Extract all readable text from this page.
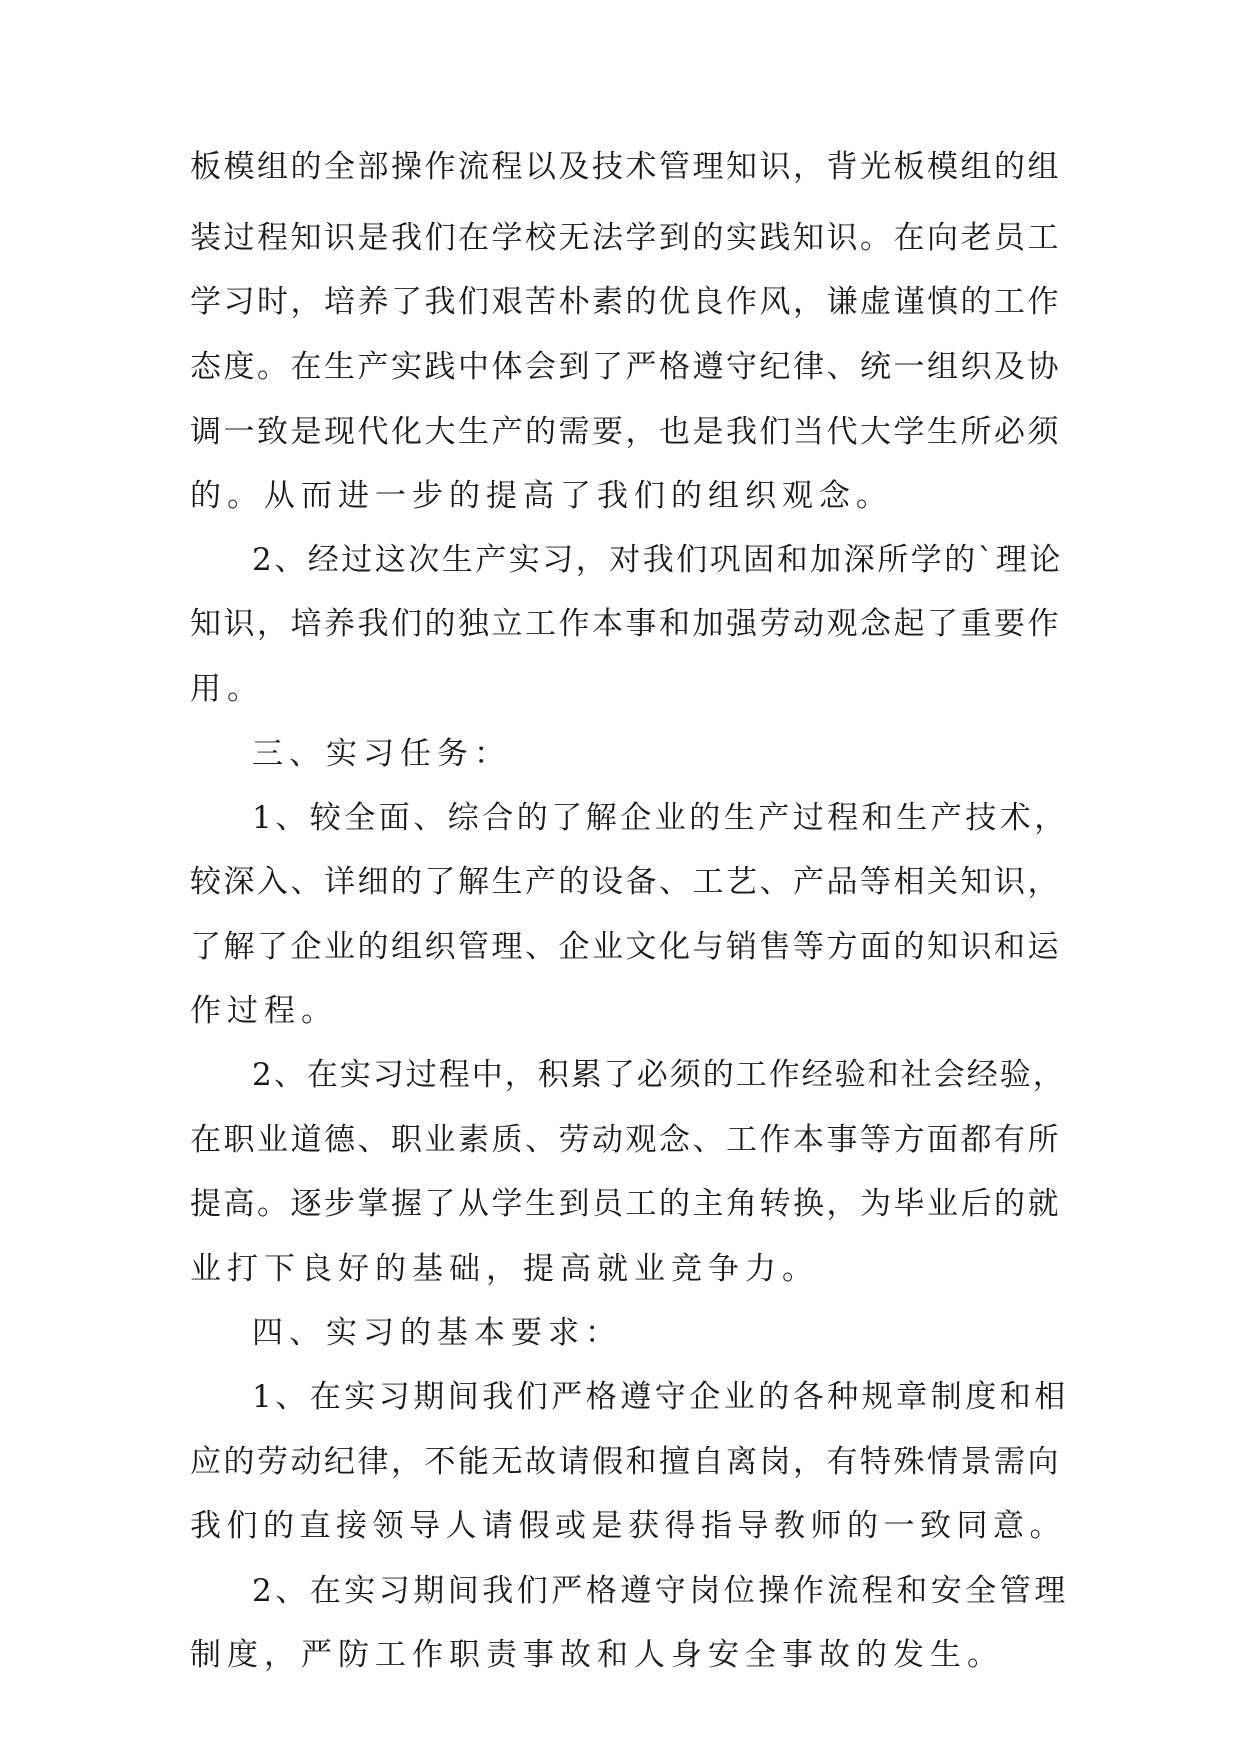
板模组的全部操作流程以及技术管理知识，背光板模组的组
装过程知识是我们在学校无法学到的实践知识。在向老员工
学习时，培养了我们艰苦朴素的优良作风，谦虚谨慎的工作
态度。在生产实践中体会到了严格遵守纪律、统一组织及协
调一致是现代化大生产的需要，也是我们当代大学生所必须
的。从而进一步的提高了我们的组织观念。
2、经过这次生产实习，对我们巩固和加深所学的`理论
知识，培养我们的独立工作本事和加强劳动观念起了重要作
用。
三、实习任务：
1、较全面、综合的了解企业的生产过程和生产技术，
较深入、详细的了解生产的设备、工艺、产品等相关知识，
了解了企业的组织管理、企业文化与销售等方面的知识和运
作过程。
2、在实习过程中，积累了必须的工作经验和社会经验，
在职业道德、职业素质、劳动观念、工作本事等方面都有所
提高。逐步掌握了从学生到员工的主角转换，为毕业后的就
业打下良好的基础，提高就业竞争力。
四、实习的基本要求：
1、在实习期间我们严格遵守企业的各种规章制度和相
应的劳动纪律，不能无故请假和擅自离岗，有特殊情景需向
我们的直接领导人请假或是获得指导教师的一致同意。
2、在实习期间我们严格遵守岗位操作流程和安全管理
制度，严防工作职责事故和人身安全事故的发生。
